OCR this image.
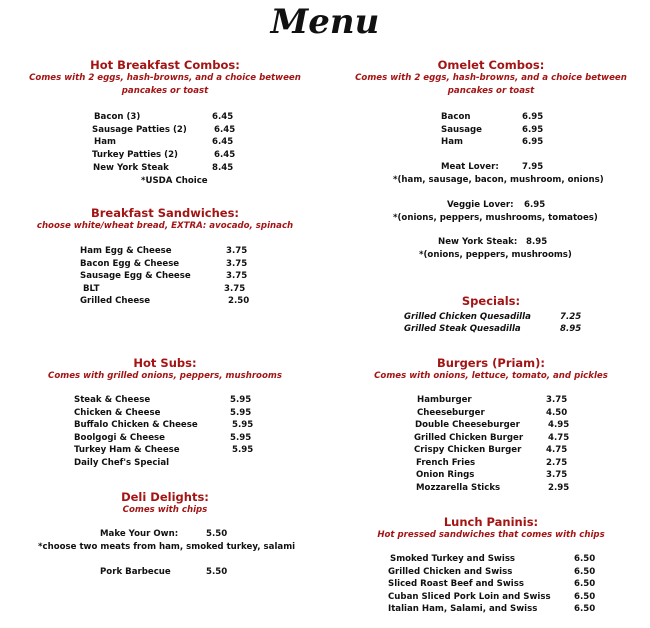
Menu
Hot Breakfast Combos:
Comes with 2 eggs, hash-browns, and a choice between pancakes or toast
Bacon (3)	6.45
Sausage Patties (2)	6.45
Ham	6.45
Turkey Patties (2)	6.45
New York Steak	8.45
*USDA Choice
Breakfast Sandwiches:
choose white/wheat bread, EXTRA: avocado, spinach
Ham Egg & Cheese	3.75
Bacon Egg & Cheese	3.75
Sausage Egg & Cheese	3.75
BLT	3.75
Grilled Cheese	2.50
Hot Subs:
Comes with grilled onions, peppers, mushrooms
Steak & Cheese	5.95
Chicken & Cheese	5.95
Buffalo Chicken & Cheese	5.95
Boolgogi & Cheese	5.95
Turkey Ham & Cheese	5.95
Daily Chef's Special
Deli Delights:
Comes with chips
Make Your Own:	5.50
*choose two meats from ham, smoked turkey, salami
Pork Barbecue	5.50
Omelet Combos:
Comes with 2 eggs, hash-browns, and a choice between pancakes or toast
Bacon	6.95
Sausage	6.95
Ham	6.95
Meat Lover:	7.95
*(ham, sausage, bacon, mushroom, onions)
Veggie Lover: 6.95
*(onions, peppers, mushrooms, tomatoes)
New York Steak: 8.95
*(onions, peppers, mushrooms)
Specials:
Grilled Chicken Quesadilla	7.25
Grilled Steak Quesadilla	8.95
Burgers (Priam):
Comes with onions, lettuce, tomato, and pickles
Hamburger	3.75
Cheeseburger	4.50
Double Cheeseburger	4.95
Grilled Chicken Burger	4.75
Crispy Chicken Burger	4.75
French Fries	2.75
Onion Rings	3.75
Mozzarella Sticks	2.95
Lunch Paninis:
Hot pressed sandwiches that comes with chips
Smoked Turkey and Swiss	6.50
Grilled Chicken and Swiss	6.50
Sliced Roast Beef and Swiss	6.50
Cuban Sliced Pork Loin and Swiss	6.50
Italian Ham, Salami, and Swiss	6.50
